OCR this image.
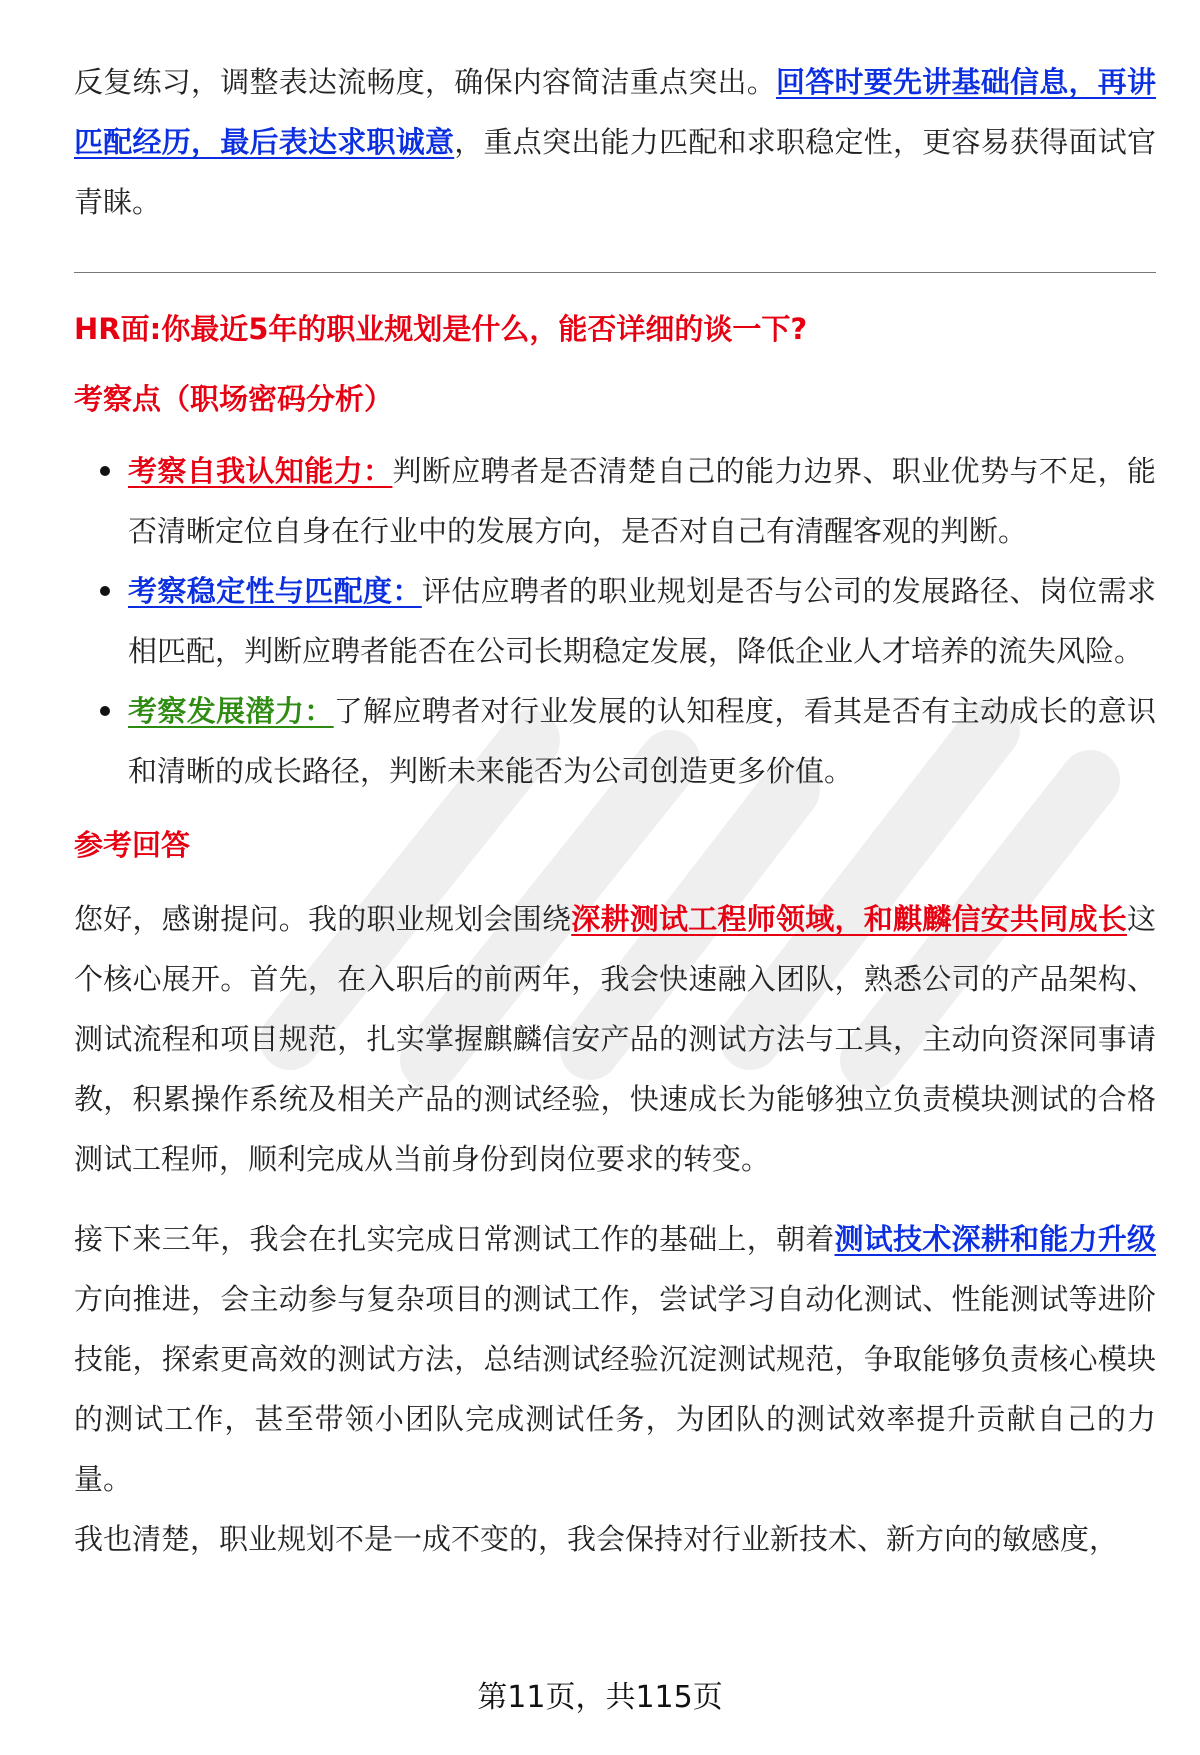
反复练习，调整表达流畅度，确保内容简洁重点突出。回答时要先讲基础信息，再讲匹配经历，最后表达求职诚意，重点突出能力匹配和求职稳定性，更容易获得面试官青睐。

HR面:你最近5年的职业规划是什么，能否详细的谈一下?
考察点（职场密码分析）
考察自我认知能力：判断应聘者是否清楚自己的能力边界、职业优势与不足，能否清晰定位自身在行业中的发展方向，是否对自己有清醒客观的判断。
考察稳定性与匹配度：评估应聘者的职业规划是否与公司的发展路径、岗位需求相匹配，判断应聘者能否在公司长期稳定发展，降低企业人才培养的流失风险。
考察发展潜力：了解应聘者对行业发展的认知程度，看其是否有主动成长的意识和清晰的成长路径，判断未来能否为公司创造更多价值。
参考回答

您好，感谢提问。我的职业规划会围绕深耕测试工程师领域，和麒麟信安共同成长这个核心展开。首先，在入职后的前两年，我会快速融入团队，熟悉公司的产品架构、测试流程和项目规范，扎实掌握麒麟信安产品的测试方法与工具，主动向资深同事请教，积累操作系统及相关产品的测试经验，快速成长为能够独立负责模块测试的合格测试工程师，顺利完成从当前身份到岗位要求的转变。

接下来三年，我会在扎实完成日常测试工作的基础上，朝着测试技术深耕和能力升级方向推进，会主动参与复杂项目的测试工作，尝试学习自动化测试、性能测试等进阶技能，探索更高效的测试方法，总结测试经验沉淀测试规范，争取能够负责核心模块的测试工作，甚至带领小团队完成测试任务，为团队的测试效率提升贡献自己的力量。

我也清楚，职业规划不是一成不变的，我会保持对行业新技术、新方向的敏感度，

第11页，共115页
